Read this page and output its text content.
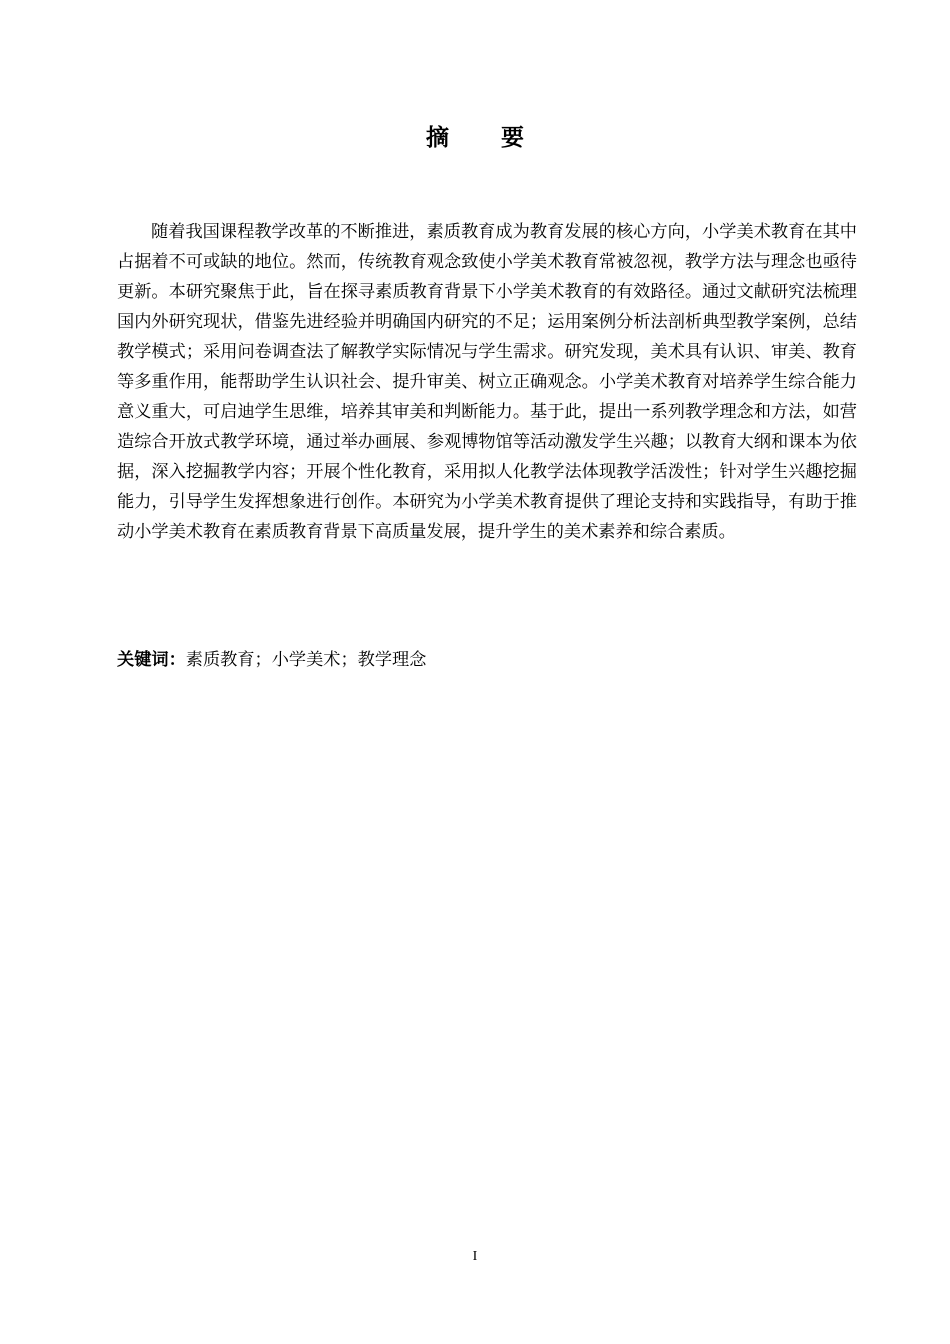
摘 要

随着我国课程教学改革的不断推进，素质教育成为教育发展的核心方向，小学美术教育在其中占据着不可或缺的地位。然而，传统教育观念致使小学美术教育常被忽视，教学方法与理念也亟待更新。本研究聚焦于此，旨在探寻素质教育背景下小学美术教育的有效路径。通过文献研究法梳理国内外研究现状，借鉴先进经验并明确国内研究的不足；运用案例分析法剖析典型教学案例，总结教学模式；采用问卷调查法了解教学实际情况与学生需求。研究发现，美术具有认识、审美、教育等多重作用，能帮助学生认识社会、提升审美、树立正确观念。小学美术教育对培养学生综合能力意义重大，可启迪学生思维，培养其审美和判断能力。基于此，提出一系列教学理念和方法，如营造综合开放式教学环境，通过举办画展、参观博物馆等活动激发学生兴趣；以教育大纲和课本为依据，深入挖掘教学内容；开展个性化教育，采用拟人化教学法体现教学活泼性；针对学生兴趣挖掘能力，引导学生发挥想象进行创作。本研究为小学美术教育提供了理论支持和实践指导，有助于推动小学美术教育在素质教育背景下高质量发展，提升学生的美术素养和综合素质。

关键词：素质教育；小学美术；教学理念
I
